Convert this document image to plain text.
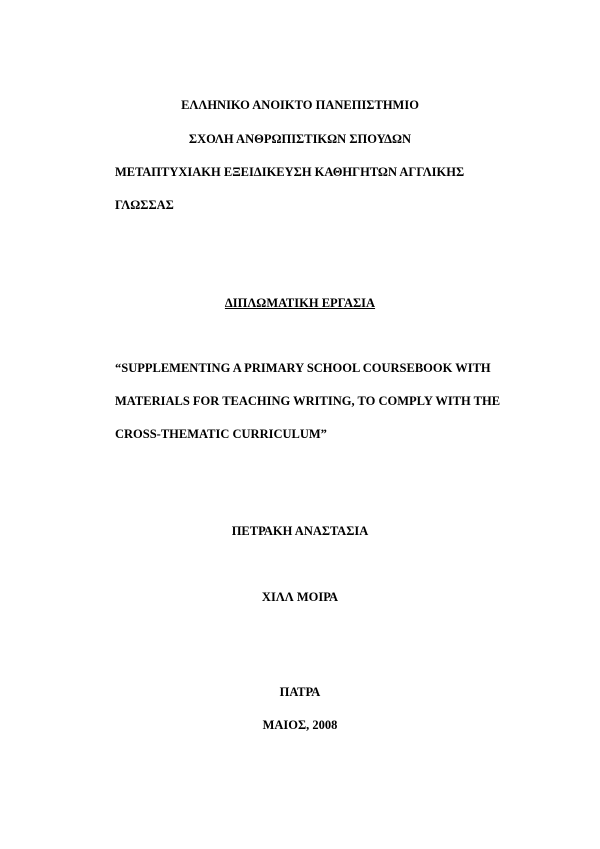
ΕΛΛΗΝΙΚΟ ΑΝΟΙΚΤΟ ΠΑΝΕΠΙΣΤΗΜΙΟ
ΣΧΟΛΗ ΑΝΘΡΩΠΙΣΤΙΚΩΝ ΣΠΟΥΔΩΝ
ΜΕΤΑΠΤΥΧΙΑΚΗ ΕΞΕΙΔΙΚΕΥΣΗ ΚΑΘΗΓΗΤΩΝ ΑΓΓΛΙΚΗΣ
ΓΛΩΣΣΑΣ
ΔΙΠΛΩΜΑΤΙΚΗ ΕΡΓΑΣΙΑ
“SUPPLEMENTING A PRIMARY SCHOOL COURSEBOOK WITH
MATERIALS FOR TEACHING WRITING, TO COMPLY WITH THE
CROSS-THEMATIC CURRICULUM”
ΠΕΤΡΑΚΗ ΑΝΑΣΤΑΣΙΑ
ΧΙΛΛ ΜΟΙΡΑ
ΠΑΤΡΑ
ΜΑΙΟΣ, 2008
